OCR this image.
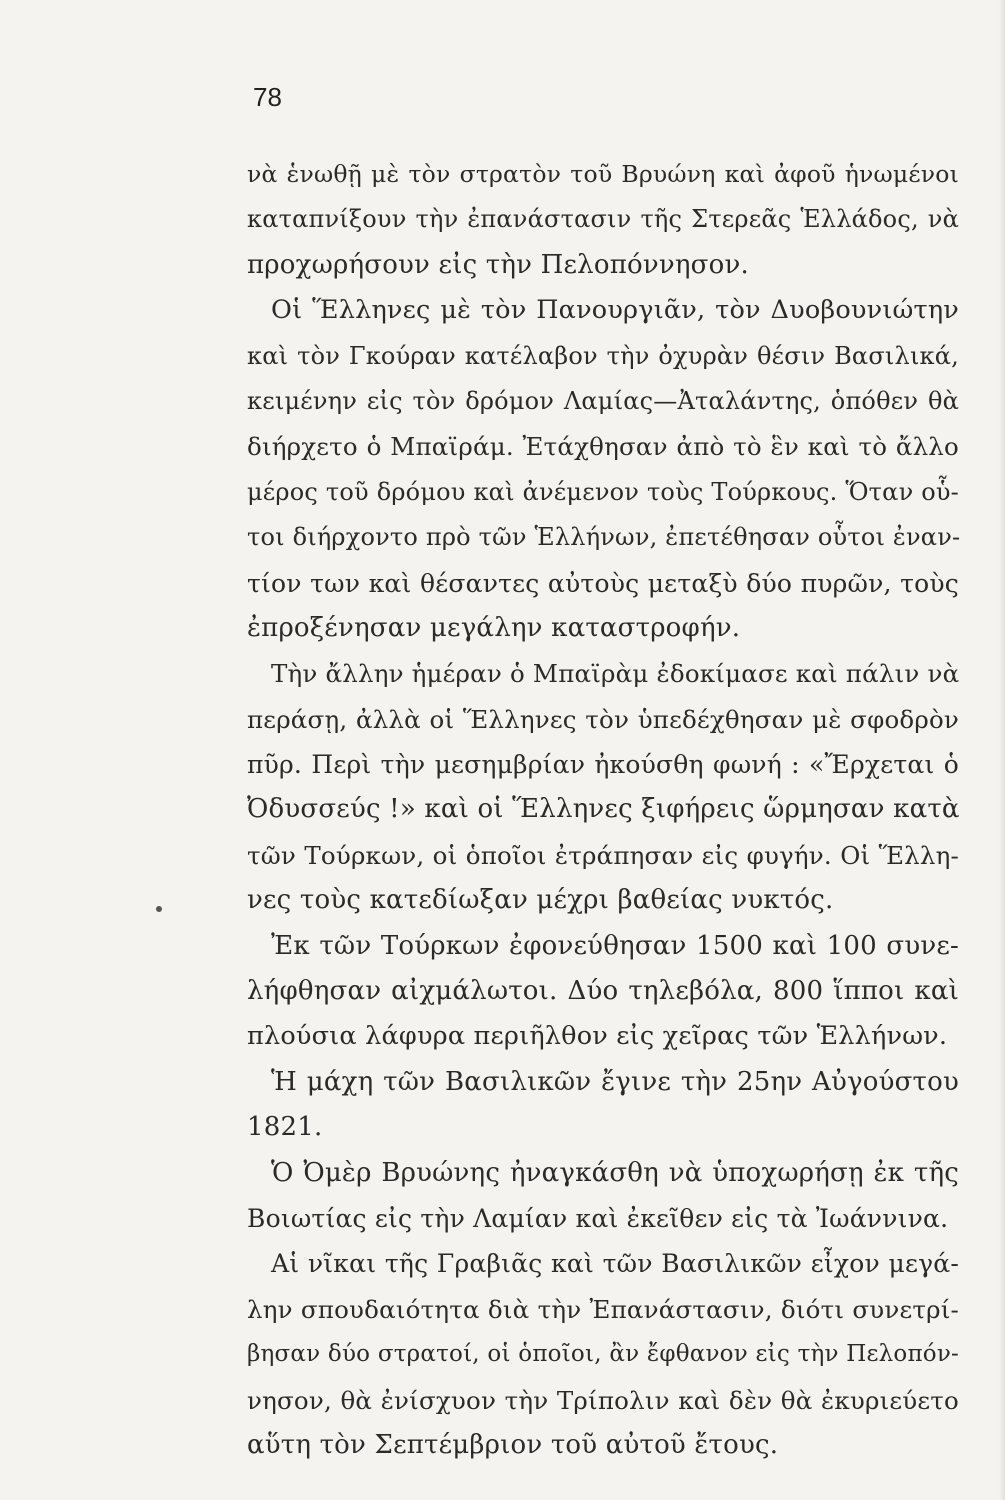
78
νὰ ἑνωθῇ μὲ τὸν στρατὸν τοῦ Βρυώνη καὶ ἀφοῦ ἡνωμένοι
καταπνίξουν τὴν ἐπανάστασιν τῆς Στερεᾶς Ἑλλάδος, νὰ
προχωρήσουν εἰς τὴν Πελοπόννησον.
Οἱ Ἕλληνες μὲ τὸν Πανουργιᾶν, τὸν Δυοβουνιώτην
καὶ τὸν Γκούραν κατέλαβον τὴν ὀχυρὰν θέσιν Βασιλικά,
κειμένην εἰς τὸν δρόμον Λαμίας—Ἀταλάντης, ὁπόθεν θὰ
διήρχετο ὁ Μπαϊράμ. Ἐτάχθησαν ἀπὸ τὸ ἓν καὶ τὸ ἄλλο
μέρος τοῦ δρόμου καὶ ἀνέμενον τοὺς Τούρκους. Ὅταν οὗ-
τοι διήρχοντο πρὸ τῶν Ἑλλήνων, ἐπετέθησαν οὗτοι ἐναν-
τίον των καὶ θέσαντες αὐτοὺς μεταξὺ δύο πυρῶν, τοὺς
ἐπροξένησαν μεγάλην καταστροφήν.
Τὴν ἄλλην ἡμέραν ὁ Μπαϊρὰμ ἐδοκίμασε καὶ πάλιν νὰ
περάσῃ, ἀλλὰ οἱ Ἕλληνες τὸν ὑπεδέχθησαν μὲ σφοδρὸν
πῦρ. Περὶ τὴν μεσημβρίαν ἠκούσθη φωνή : «Ἔρχεται ὁ
Ὀδυσσεύς !» καὶ οἱ Ἕλληνες ξιφήρεις ὥρμησαν κατὰ
τῶν Τούρκων, οἱ ὁποῖοι ἐτράπησαν εἰς φυγήν. Οἱ Ἕλλη-
νες τοὺς κατεδίωξαν μέχρι βαθείας νυκτός.
Ἐκ τῶν Τούρκων ἐφονεύθησαν 1500 καὶ 100 συνε-
λήφθησαν αἰχμάλωτοι. Δύο τηλεβόλα, 800 ἵπποι καὶ
πλούσια λάφυρα περιῆλθον εἰς χεῖρας τῶν Ἑλλήνων.
Ἡ μάχη τῶν Βασιλικῶν ἔγινε τὴν 25ην Αὐγούστου
1821.
Ὁ Ὀμὲρ Βρυώνης ἠναγκάσθη νὰ ὑποχωρήσῃ ἐκ τῆς
Βοιωτίας εἰς τὴν Λαμίαν καὶ ἐκεῖθεν εἰς τὰ Ἰωάννινα.
Αἱ νῖκαι τῆς Γραβιᾶς καὶ τῶν Βασιλικῶν εἶχον μεγά-
λην σπουδαιότητα διὰ τὴν Ἐπανάστασιν, διότι συνετρί-
βησαν δύο στρατοί, οἱ ὁποῖοι, ἂν ἔφθανον εἰς τὴν Πελοπόν-
νησον, θὰ ἐνίσχυον τὴν Τρίπολιν καὶ δὲν θὰ ἐκυριεύετο
αὕτη τὸν Σεπτέμβριον τοῦ αὐτοῦ ἔτους.
